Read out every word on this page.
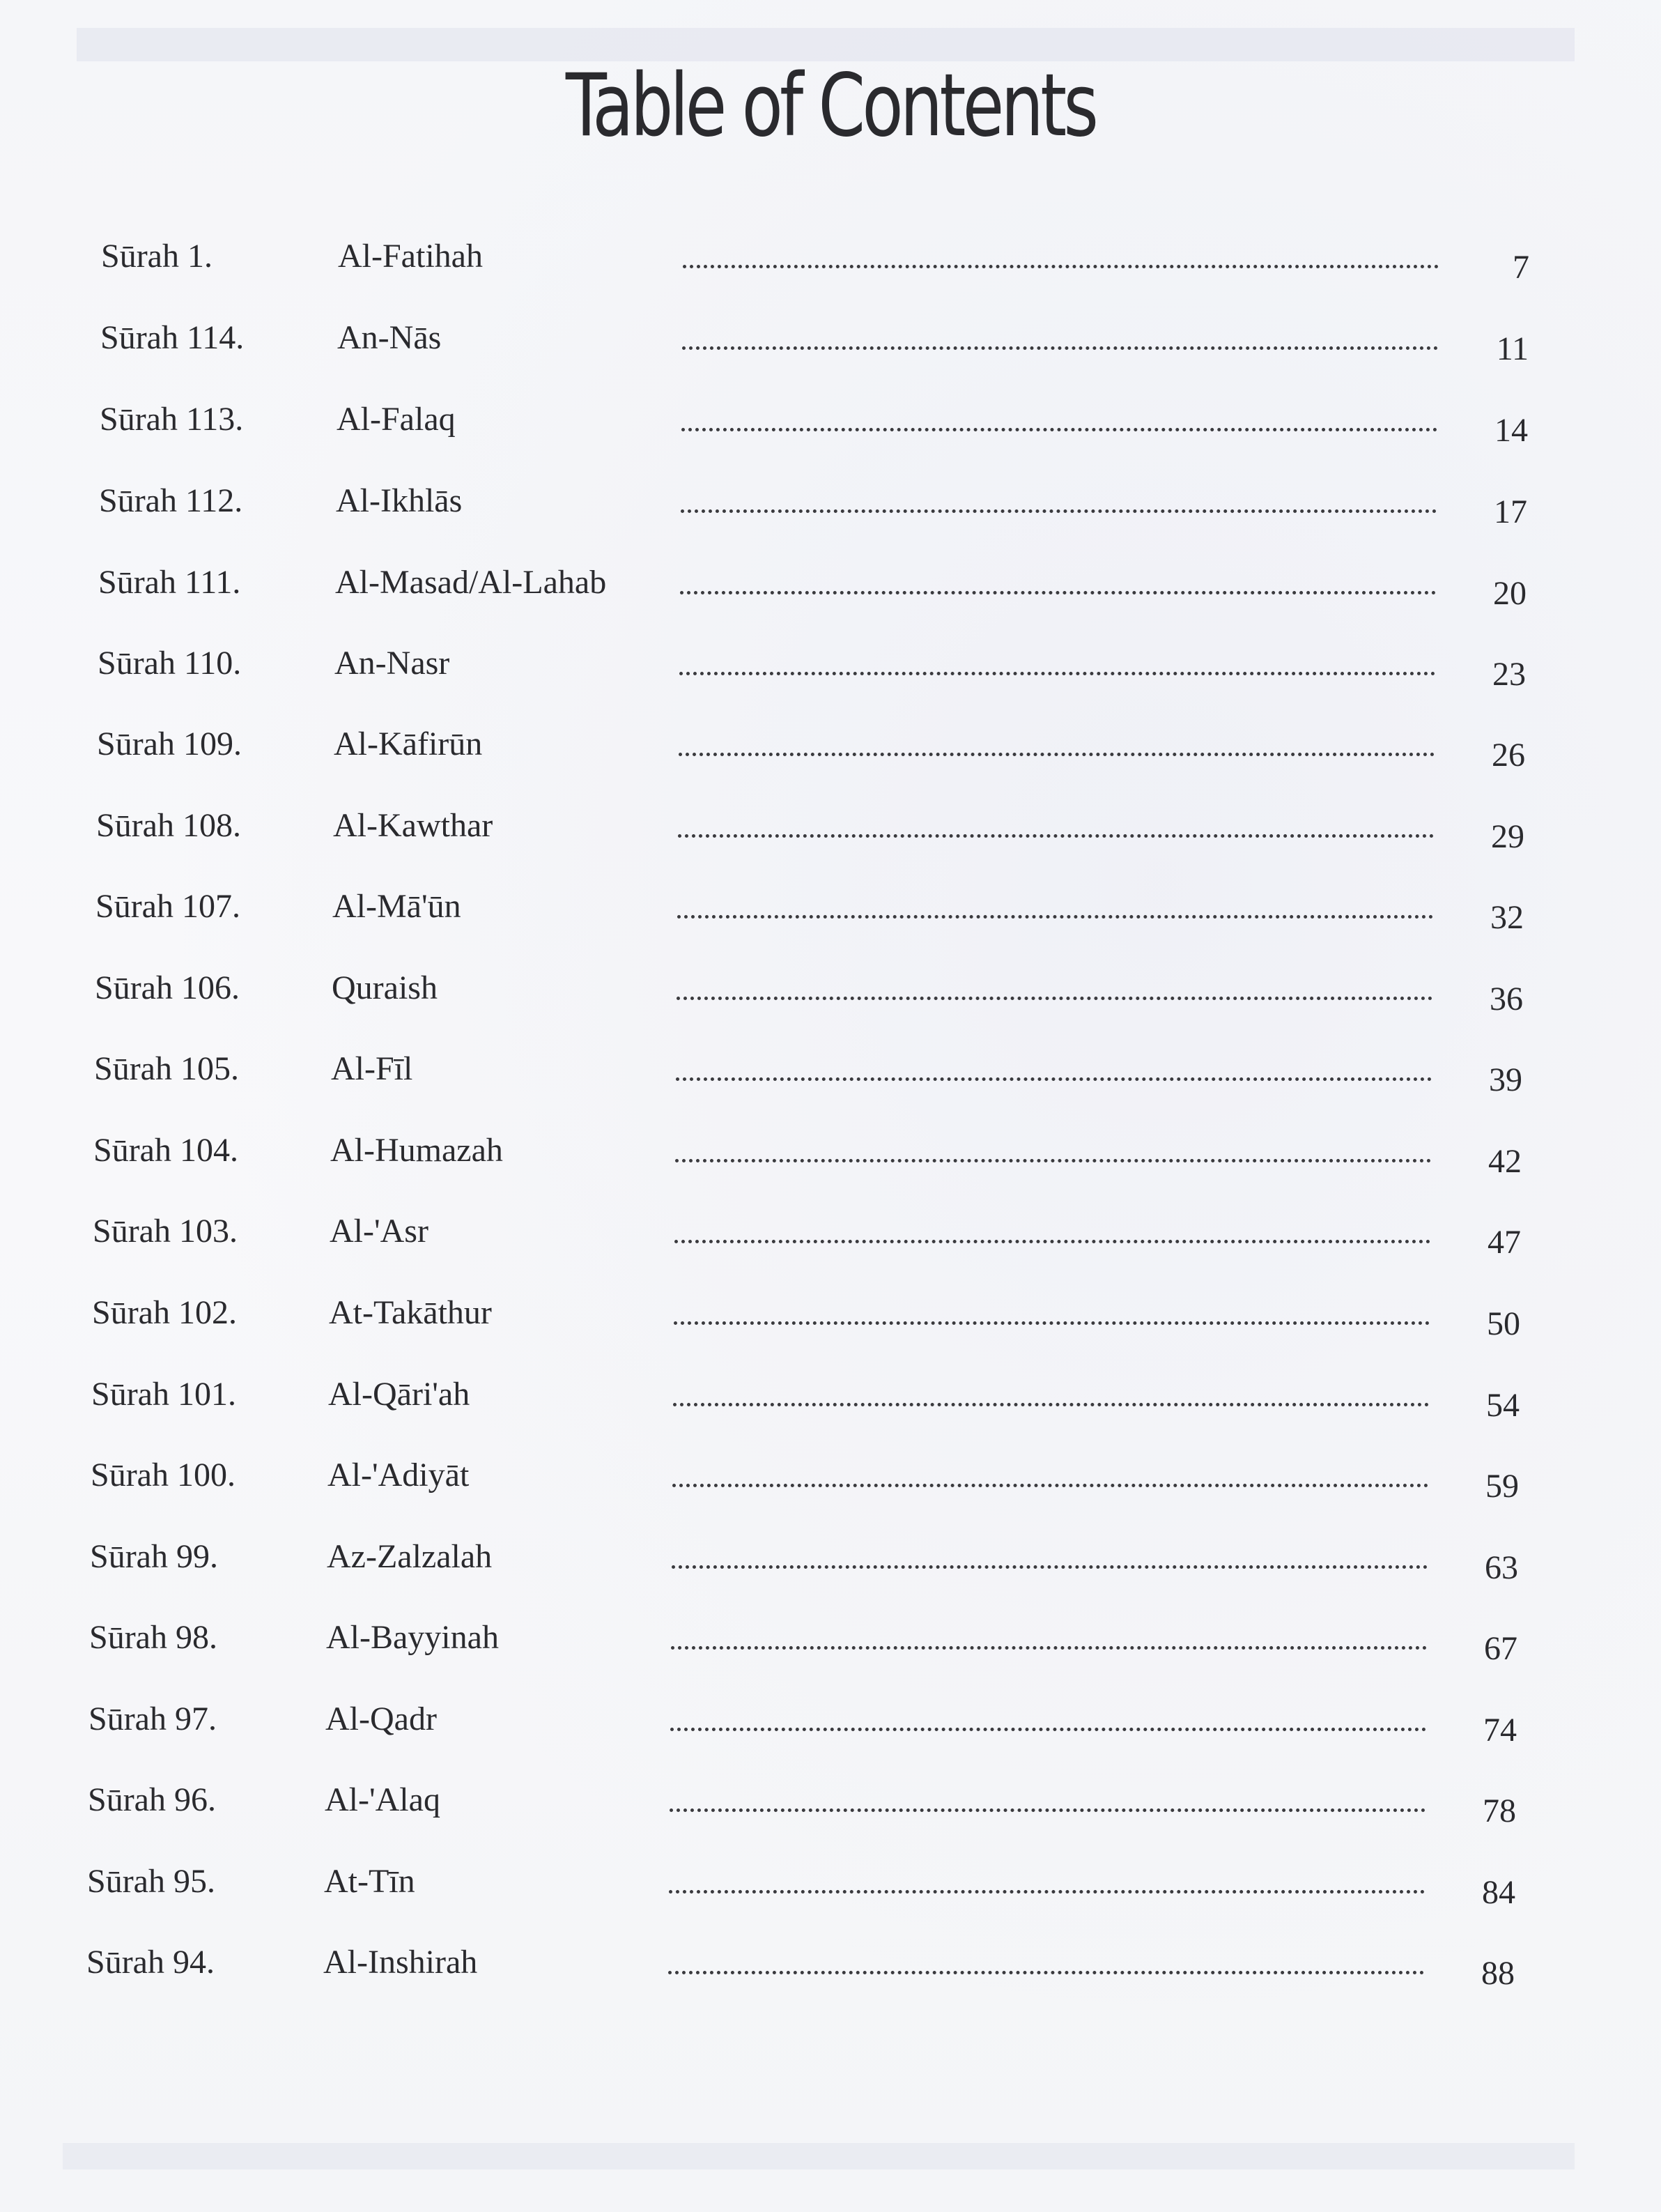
Table of Contents
Sūrah 1.	Al-Fatihah	7
Sūrah 114.	An-Nās	11
Sūrah 113.	Al-Falaq	14
Sūrah 112.	Al-Ikhlās	17
Sūrah 111.	Al-Masad/Al-Lahab	20
Sūrah 110.	An-Nasr	23
Sūrah 109.	Al-Kāfirūn	26
Sūrah 108.	Al-Kawthar	29
Sūrah 107.	Al-Mā'ūn	32
Sūrah 106.	Quraish	36
Sūrah 105.	Al-Fīl	39
Sūrah 104.	Al-Humazah	42
Sūrah 103.	Al-'Asr	47
Sūrah 102.	At-Takāthur	50
Sūrah 101.	Al-Qāri'ah	54
Sūrah 100.	Al-'Adiyāt	59
Sūrah 99.	Az-Zalzalah	63
Sūrah 98.	Al-Bayyinah	67
Sūrah 97.	Al-Qadr	74
Sūrah 96.	Al-'Alaq	78
Sūrah 95.	At-Tīn	84
Sūrah 94.	Al-Inshirah	88
